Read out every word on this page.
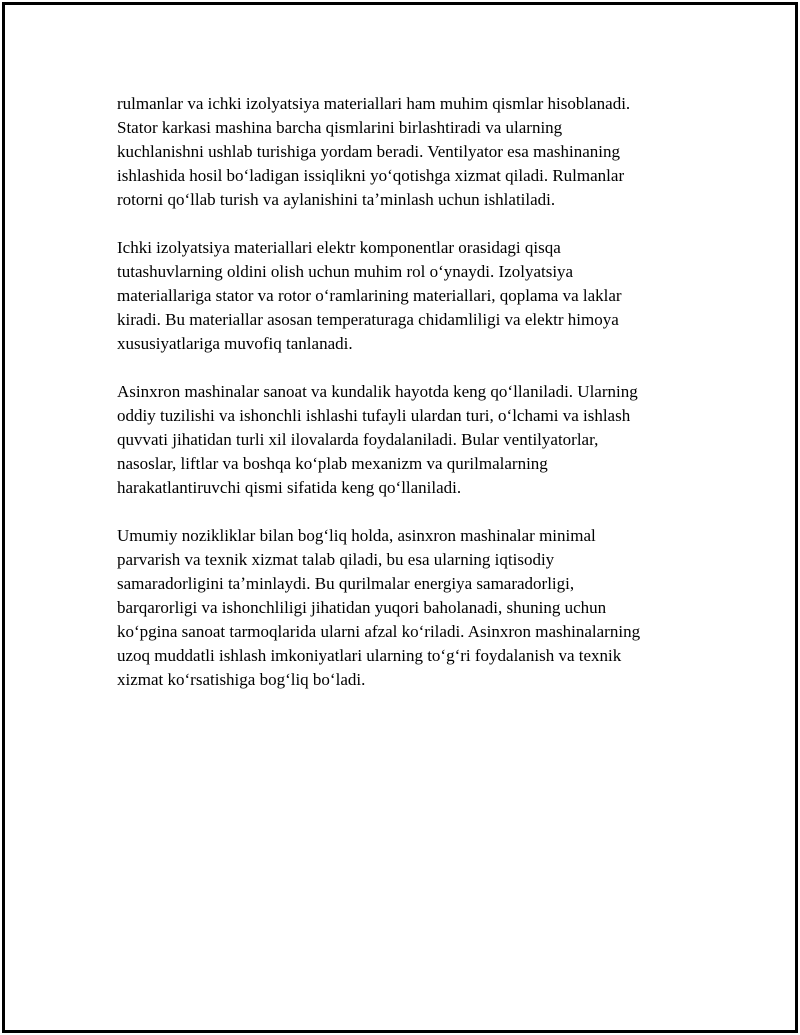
rulmanlar va ichki izolyatsiya materiallari ham muhim qismlar hisoblanadi.
Stator karkasi mashina barcha qismlarini birlashtiradi va ularning
kuchlanishni ushlab turishiga yordam beradi. Ventilyator esa mashinaning
ishlashida hosil boʻladigan issiqlikni yoʻqotishga xizmat qiladi. Rulmanlar
rotorni qoʻllab turish va aylanishini taʼminlash uchun ishlatiladi.

Ichki izolyatsiya materiallari elektr komponentlar orasidagi qisqa
tutashuvlarning oldini olish uchun muhim rol oʻynaydi. Izolyatsiya
materiallariga stator va rotor oʻramlarining materiallari, qoplama va laklar
kiradi. Bu materiallar asosan temperaturaga chidamliligi va elektr himoya
xususiyatlariga muvofiq tanlanadi.

Asinxron mashinalar sanoat va kundalik hayotda keng qoʻllaniladi. Ularning
oddiy tuzilishi va ishonchli ishlashi tufayli ulardan turi, oʻlchami va ishlash
quvvati jihatidan turli xil ilovalarda foydalaniladi. Bular ventilyatorlar,
nasoslar, liftlar va boshqa koʻplab mexanizm va qurilmalarning
harakatlantiruvchi qismi sifatida keng qoʻllaniladi.

Umumiy nozikliklar bilan bogʻliq holda, asinxron mashinalar minimal
parvarish va texnik xizmat talab qiladi, bu esa ularning iqtisodiy
samaradorligini taʼminlaydi. Bu qurilmalar energiya samaradorligi,
barqarorligi va ishonchliligi jihatidan yuqori baholanadi, shuning uchun
koʻpgina sanoat tarmoqlarida ularni afzal koʻriladi. Asinxron mashinalarning
uzoq muddatli ishlash imkoniyatlari ularning toʻgʻri foydalanish va texnik
xizmat koʻrsatishiga bogʻliq boʻladi.
